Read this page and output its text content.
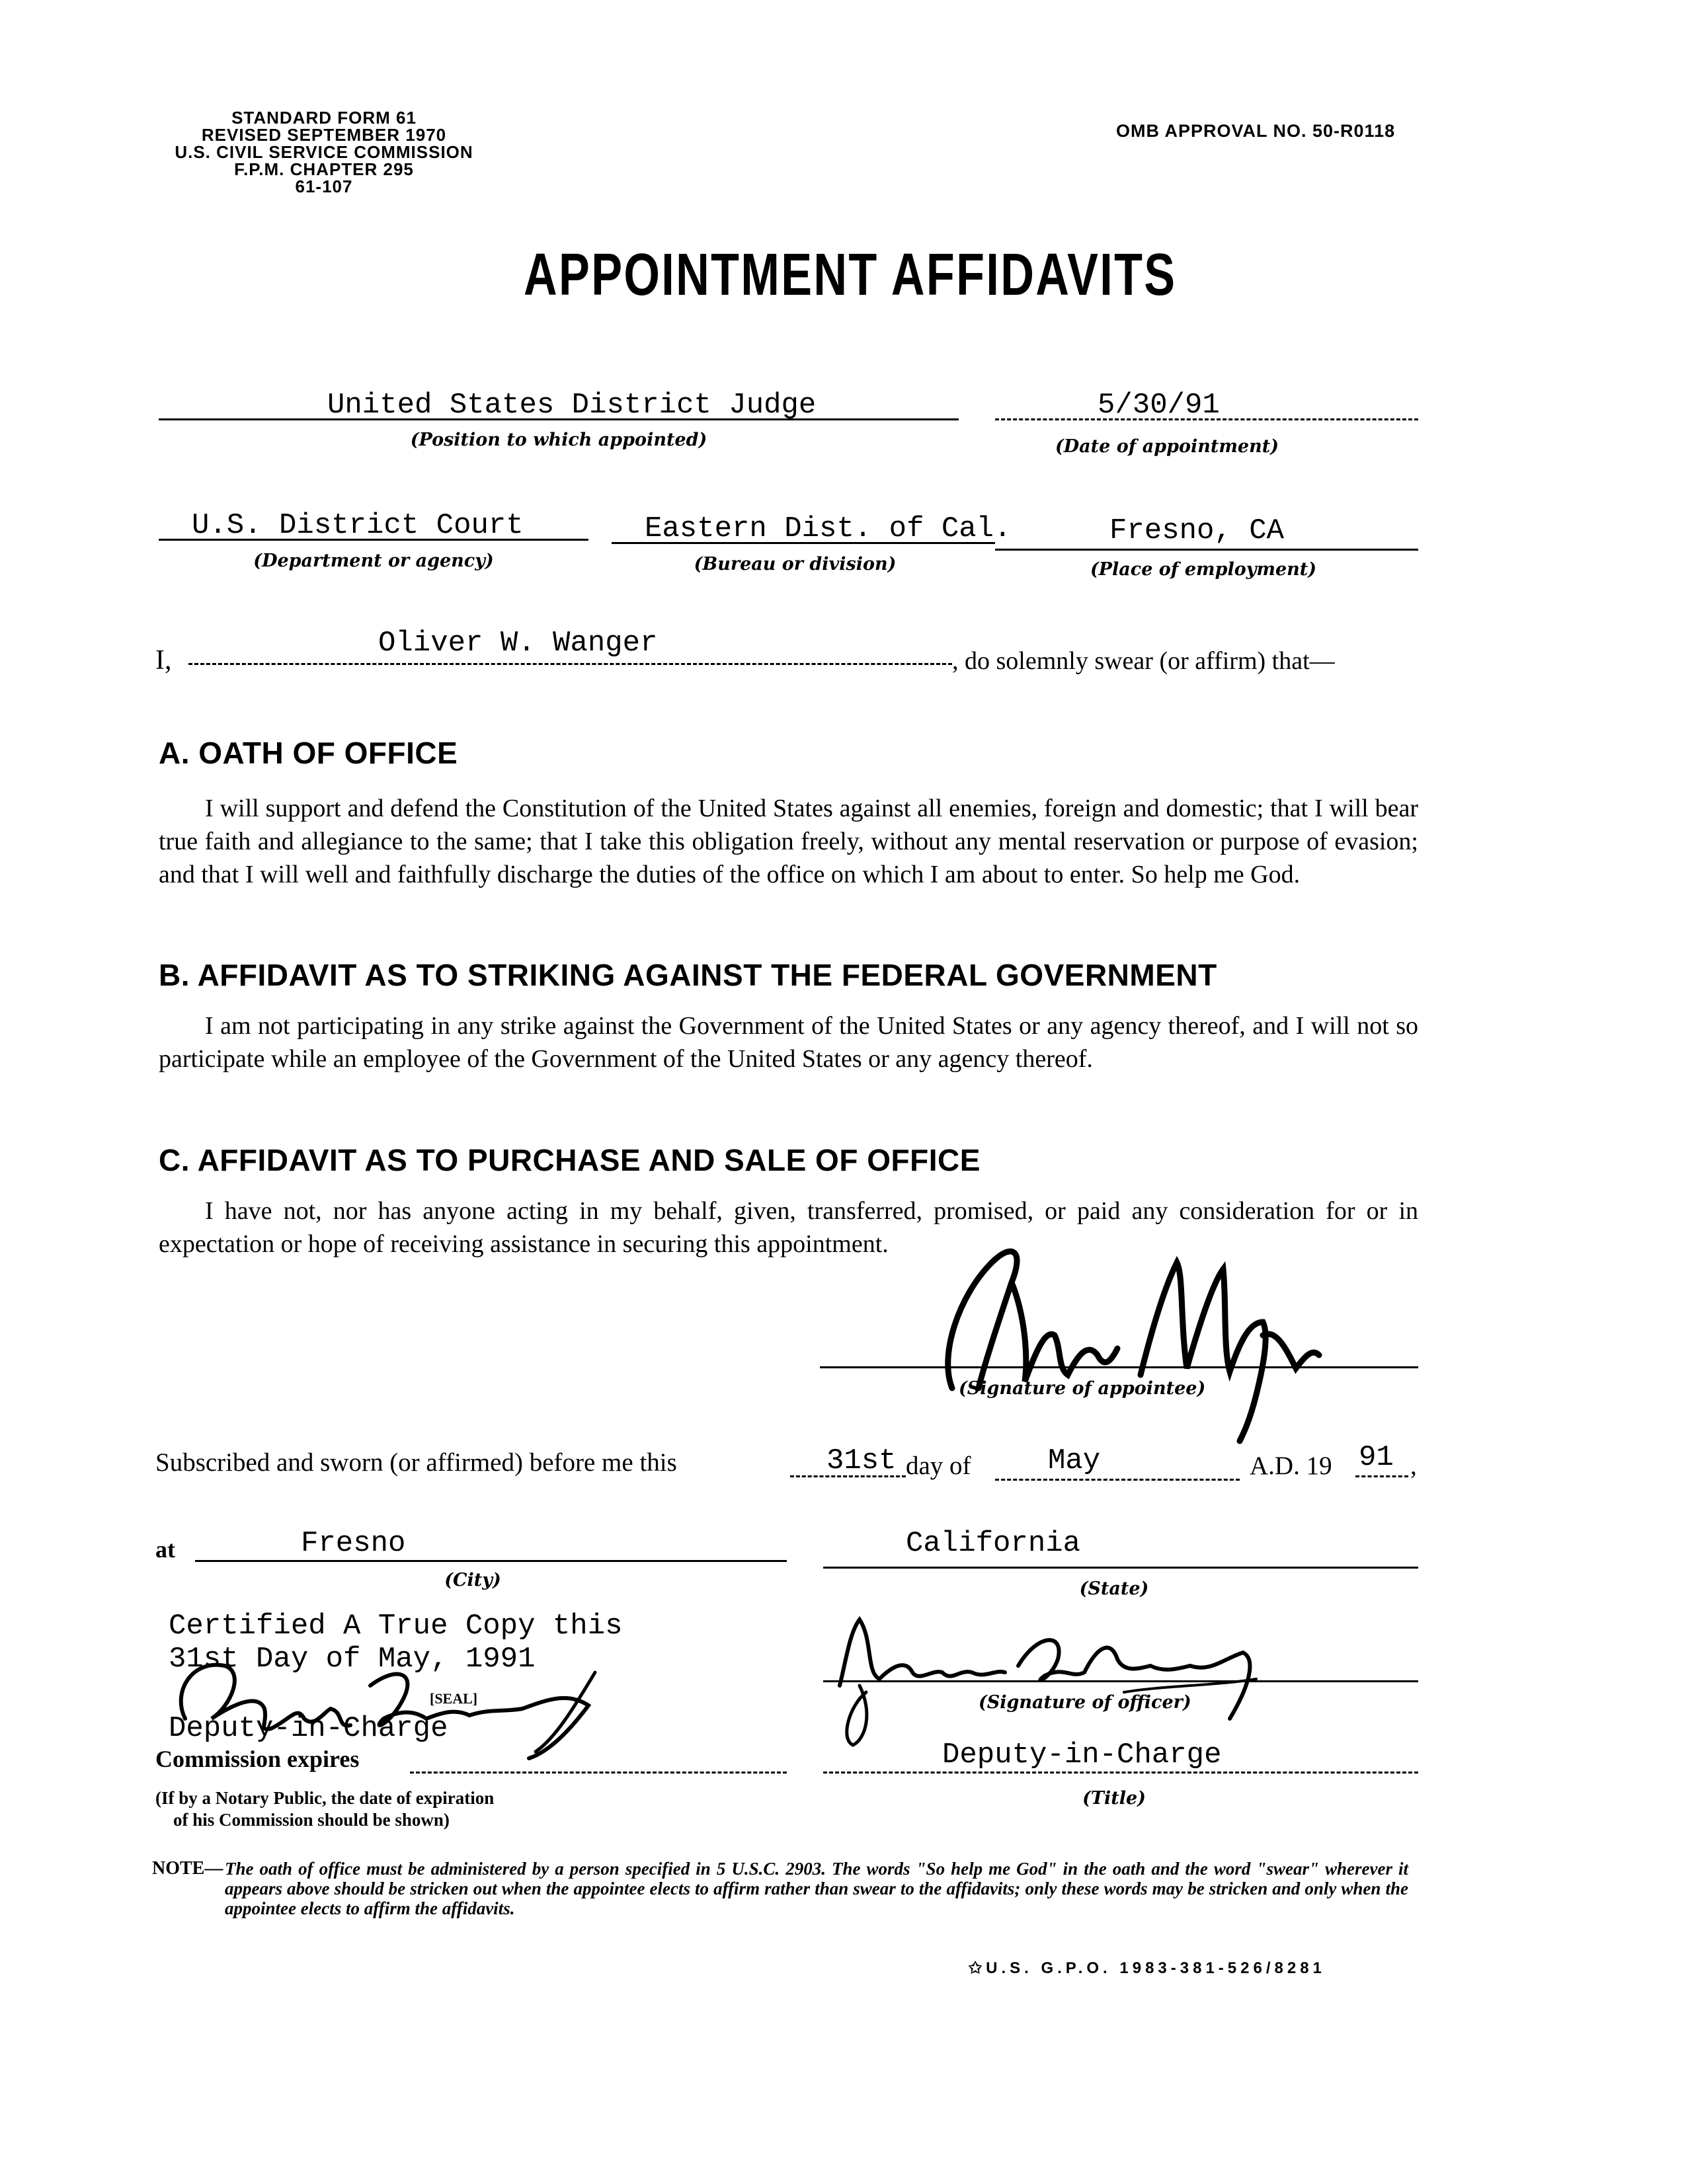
STANDARD FORM 61
REVISED SEPTEMBER 1970
U.S. CIVIL SERVICE COMMISSION
F.P.M. CHAPTER 295
61-107
OMB APPROVAL NO. 50-R0118
APPOINTMENT AFFIDAVITS
United States District Judge
(Position to which appointed)
5/30/91
(Date of appointment)
U.S. District Court
(Department or agency)
Eastern Dist. of Cal.
(Bureau or division)
Fresno, CA
(Place of employment)
I,
Oliver W. Wanger
, do solemnly swear (or affirm) that—
A. OATH OF OFFICE
I will support and defend the Constitution of the United States against all enemies, foreign and domestic; that I will bear true faith and allegiance to the same; that I take this obligation freely, without any mental reservation or purpose of evasion; and that I will well and faithfully discharge the duties of the office on which I am about to enter. So help me God.
B. AFFIDAVIT AS TO STRIKING AGAINST THE FEDERAL GOVERNMENT
I am not participating in any strike against the Government of the United States or any agency thereof, and I will not so participate while an employee of the Government of the United States or any agency thereof.
C. AFFIDAVIT AS TO PURCHASE AND SALE OF OFFICE
I have not, nor has anyone acting in my behalf, given, transferred, promised, or paid any consideration for or in expectation or hope of receiving assistance in securing this appointment.
(Signature of appointee)
Subscribed and sworn (or affirmed) before me this	31st day of	May	A.D. 19 91 ,
at	Fresno
(City)
California
(State)
Certified A True Copy this
31st Day of May, 1991
[SEAL]
Deputy-in-Charge
Commission expires
(If by a Notary Public, the date of expiration
of his Commission should be shown)
(Signature of officer)
Deputy-in-Charge
(Title)
NOTE— The oath of office must be administered by a person specified in 5 U.S.C. 2903. The words "So help me God" in the oath and the word "swear" wherever it appears above should be stricken out when the appointee elects to affirm rather than swear to the affidavits; only these words may be stricken and only when the appointee elects to affirm the affidavits.
✩U.S. G.P.O. 1983-381-526/8281
